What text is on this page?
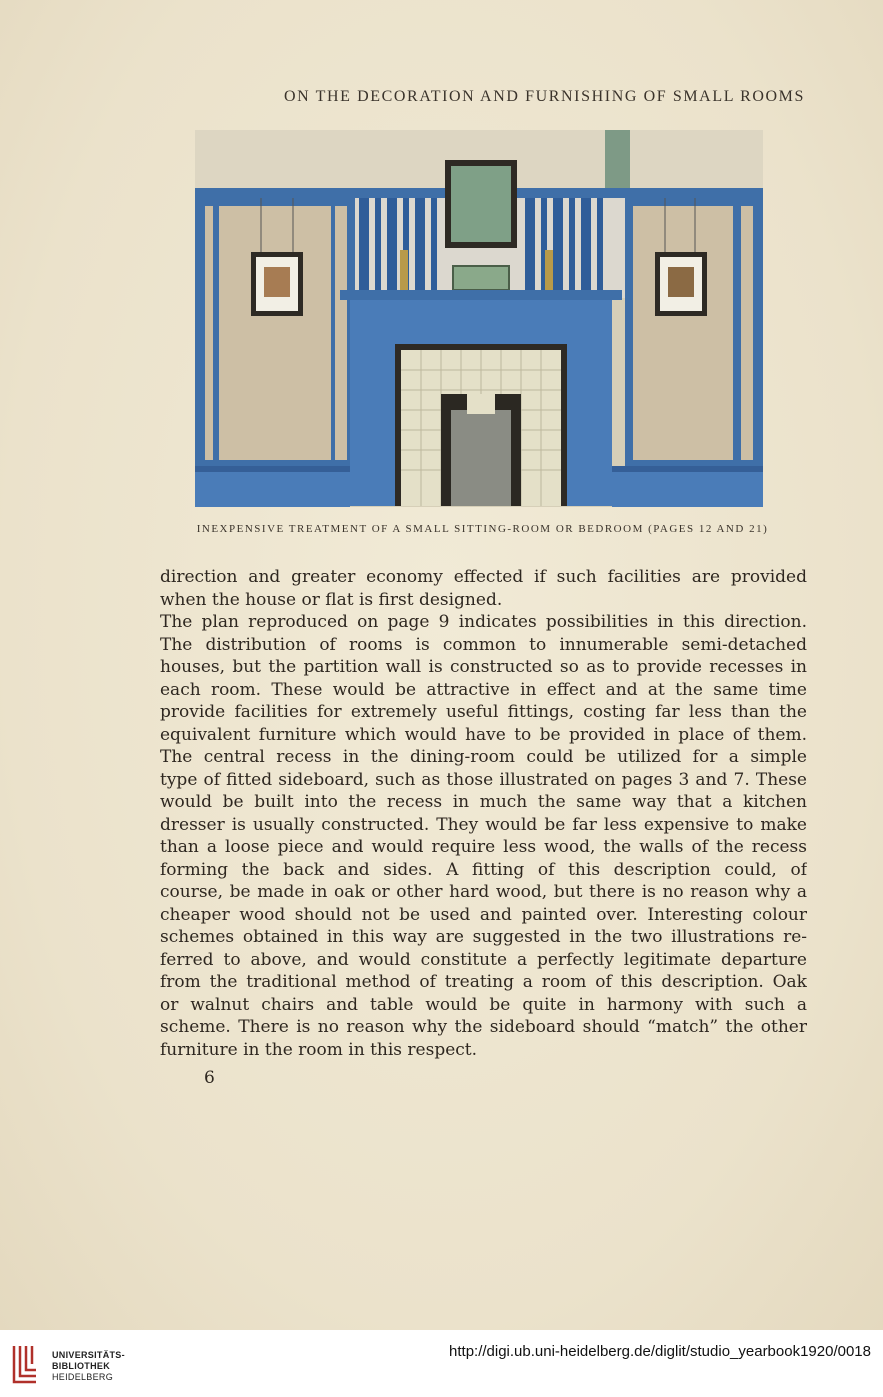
ON THE DECORATION AND FURNISHING OF SMALL ROOMS
INEXPENSIVE TREATMENT OF A SMALL SITTING-ROOM OR BEDROOM (PAGES 12 AND 21)
direction and greater economy effected if such facilities are provided
when the house or flat is first designed.
The plan reproduced on page 9 indicates possibilities in this direction.
The distribution of rooms is common to innumerable semi-detached
houses, but the partition wall is constructed so as to provide recesses in
each room. These would be attractive in effect and at the same time
provide facilities for extremely useful fittings, costing far less than the
equivalent furniture which would have to be provided in place of them.
The central recess in the dining-room could be utilized for a simple
type of fitted sideboard, such as those illustrated on pages 3 and 7. These
would be built into the recess in much the same way that a kitchen
dresser is usually constructed. They would be far less expensive to make
than a loose piece and would require less wood, the walls of the recess
forming the back and sides. A fitting of this description could, of
course, be made in oak or other hard wood, but there is no reason why a
cheaper wood should not be used and painted over. Interesting colour
schemes obtained in this way are suggested in the two illustrations re-
ferred to above, and would constitute a perfectly legitimate departure
from the traditional method of treating a room of this description. Oak
or walnut chairs and table would be quite in harmony with such a
scheme. There is no reason why the sideboard should “match” the other
furniture in the room in this respect.
6
UNIVERSITÄTS-
BIBLIOTHEK
HEIDELBERG
http://digi.ub.uni-heidelberg.de/diglit/studio_yearbook1920/0018
